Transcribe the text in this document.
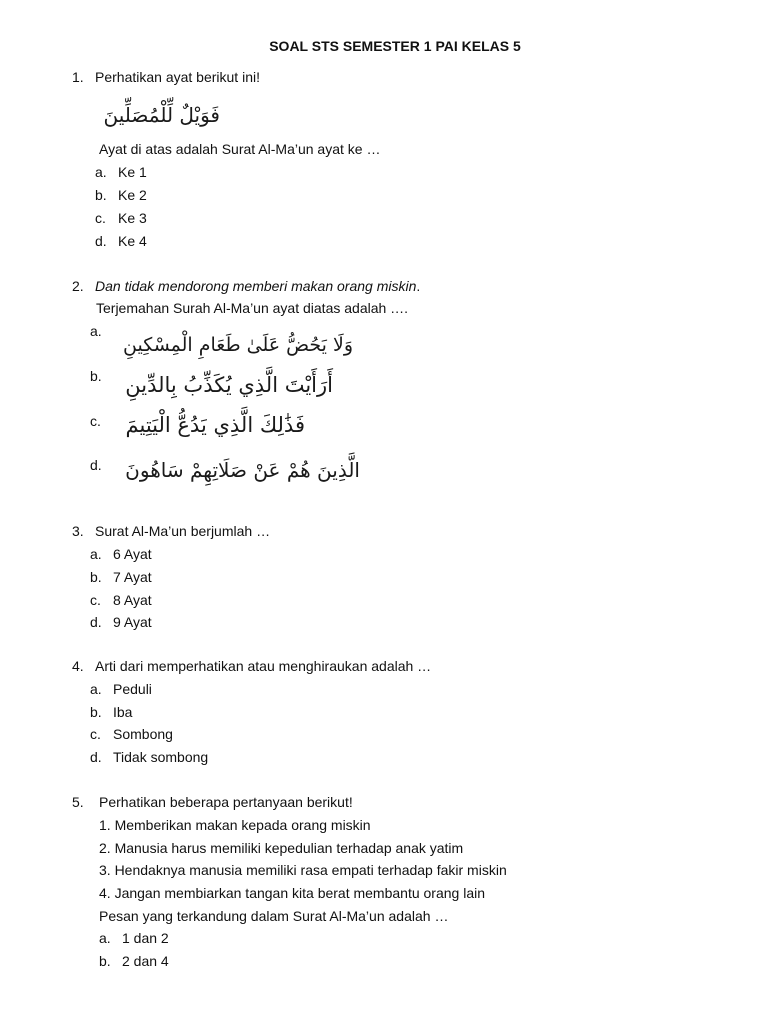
SOAL STS SEMESTER 1 PAI KELAS 5
1. Perhatikan ayat berikut ini!
فَوَيْلٌ لِّلْمُصَلِّينَ
Ayat di atas adalah Surat Al-Ma’un ayat ke …
a. Ke 1
b. Ke 2
c. Ke 3
d. Ke 4
2. Dan tidak mendorong memberi makan orang miskin.
Terjemahan Surah Al-Ma’un ayat diatas adalah ….
a.
وَلَا يَحُضُّ عَلَىٰ طَعَامِ الْمِسْكِينِ
b.	أَرَأَيْتَ الَّذِي يُكَذِّبُ بِالدِّينِ
c. فَذَٰلِكَ الَّذِي يَدُعُّ الْيَتِيمَ
d. الَّذِينَ هُمْ عَنْ صَلَاتِهِمْ سَاهُونَ
3. Surat Al-Ma’un berjumlah …
a. 6 Ayat
b. 7 Ayat
c. 8 Ayat
d. 9 Ayat
4. Arti dari memperhatikan atau menghiraukan adalah …
a. Peduli
b. Iba
c. Sombong
d. Tidak sombong
5. Perhatikan beberapa pertanyaan berikut!
1. Memberikan makan kepada orang miskin
2. Manusia harus memiliki kepedulian terhadap anak yatim
3. Hendaknya manusia memiliki rasa empati terhadap fakir miskin
4. Jangan membiarkan tangan kita berat membantu orang lain
Pesan yang terkandung dalam Surat Al-Ma’un adalah …
a. 1 dan 2
b. 2 dan 4
